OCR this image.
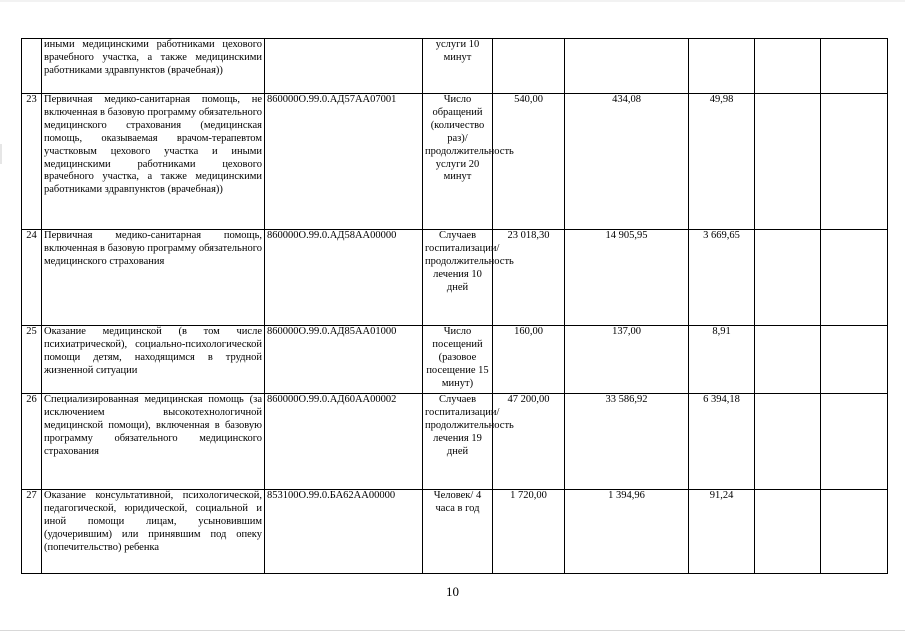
	иными медицинскими работниками цехового врачебного участка, а также медицинскими работниками здравпунктов (врачебная))		услуги 10 минут					
23	Первичная медико-санитарная помощь, не включенная в базовую программу обязательного медицинского страхования (медицинская помощь, оказываемая врачом-терапевтом участковым цехового участка и иными медицинскими работниками цехового врачебного участка, а также медицинскими работниками здравпунктов (врачебная))	860000О.99.0.АД57АА07001	Число обращений (количество раз)/ продолжительность услуги 20 минут	540,00	434,08	49,98		
24	Первичная медико-санитарная помощь, включенная в базовую программу обязательного медицинского страхования	860000О.99.0.АД58АА00000	Случаев госпитализации/продолжительность лечения 10 дней	23 018,30	14 905,95	3 669,65		
25	Оказание медицинской (в том числе психиатрической), социально-психологической помощи детям, находящимся в трудной жизненной ситуации	860000О.99.0.АД85АА01000	Число посещений (разовое посещение 15 минут)	160,00	137,00	8,91		
26	Специализированная медицинская помощь (за исключением высокотехнологичной медицинской помощи), включенная в базовую программу обязательного медицинского страхования	860000О.99.0.АД60АА00002	Случаев госпитализации/продолжительность лечения 19 дней	47 200,00	33 586,92	6 394,18		
27	Оказание консультативной, психологической, педагогической, юридической, социальной и иной помощи лицам, усыновившим (удочерившим) или принявшим под опеку (попечительство) ребенка	853100О.99.0.БА62АА00000	Человек/ 4 часа в год	1 720,00	1 394,96	91,24		
10
